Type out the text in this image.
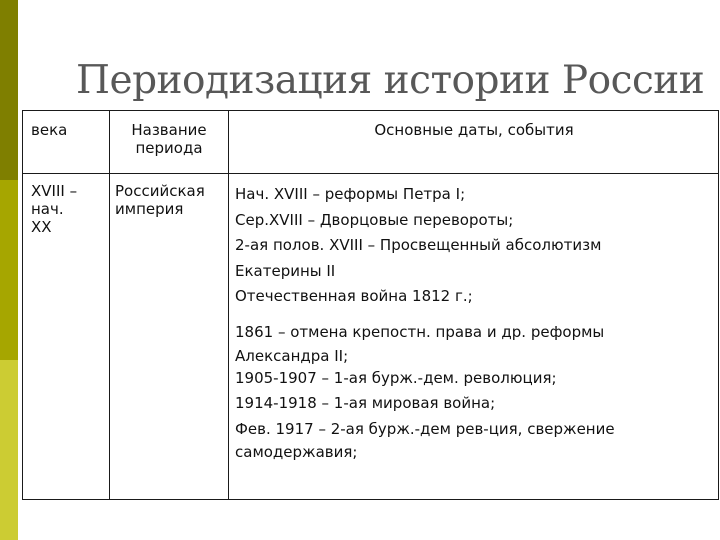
Периодизация истории России
века	Название
периода
Основные даты, события
XVIII –
нач.
XX
Российская
империя
Нач. XVIII – реформы Петра I;
Сер.XVIII – Дворцовые перевороты;
2-ая полов. XVIII – Просвещенный абсолютизм
Екатерины II
Отечественная война 1812 г.;
1861 – отмена крепостн. права и др. реформы
Александра II;
1905-1907 – 1-ая бурж.-дем. революция;
1914-1918 – 1-ая мировая война;
Фев. 1917 – 2-ая бурж.-дем рев-ция, свержение
самодержавия;
